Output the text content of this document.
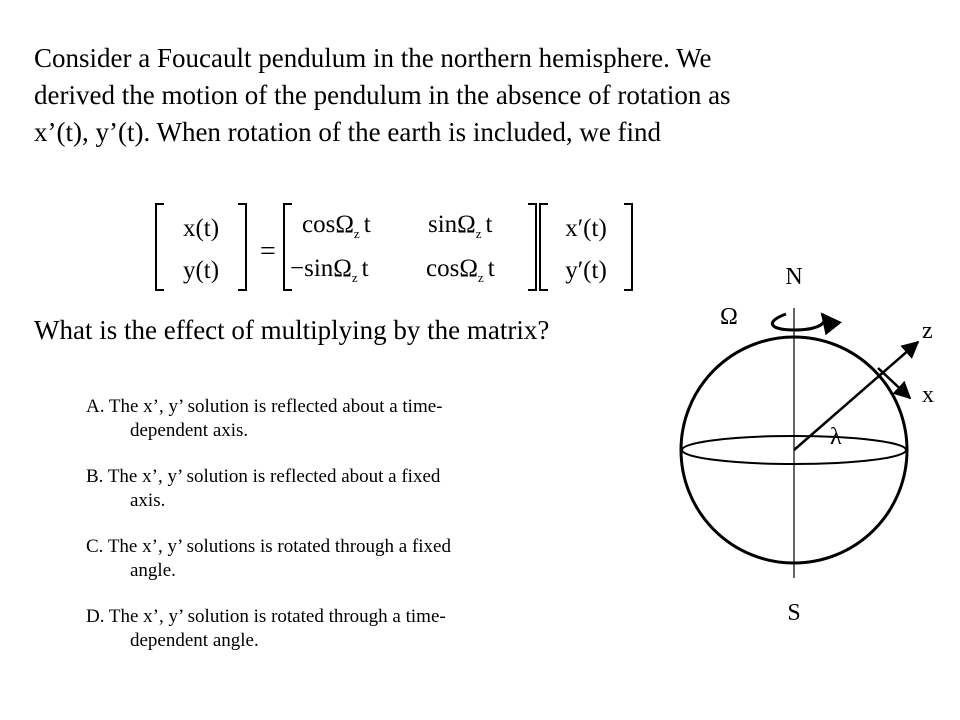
Consider a Foucault pendulum in the northern hemisphere. We
derived the motion of the pendulum in the absence of rotation as
x’(t), y’(t). When rotation of the earth is included, we find
x(t)
y(t)
=
cosΩ$_z$ t sinΩ$_z$ t
−sinΩ$_z$ t cosΩ$_z$ t
x′(t)
y′(t)

What is the effect of multiplying by the matrix?

A. The x’, y’ solution is reflected about a time-
dependent axis.
B. The x’, y’ solution is reflected about a fixed
axis.
C. The x’, y’ solutions is rotated through a fixed
angle.
D. The x’, y’ solution is rotated through a time-
dependent angle.
N
S
Ω
z
x
λ
